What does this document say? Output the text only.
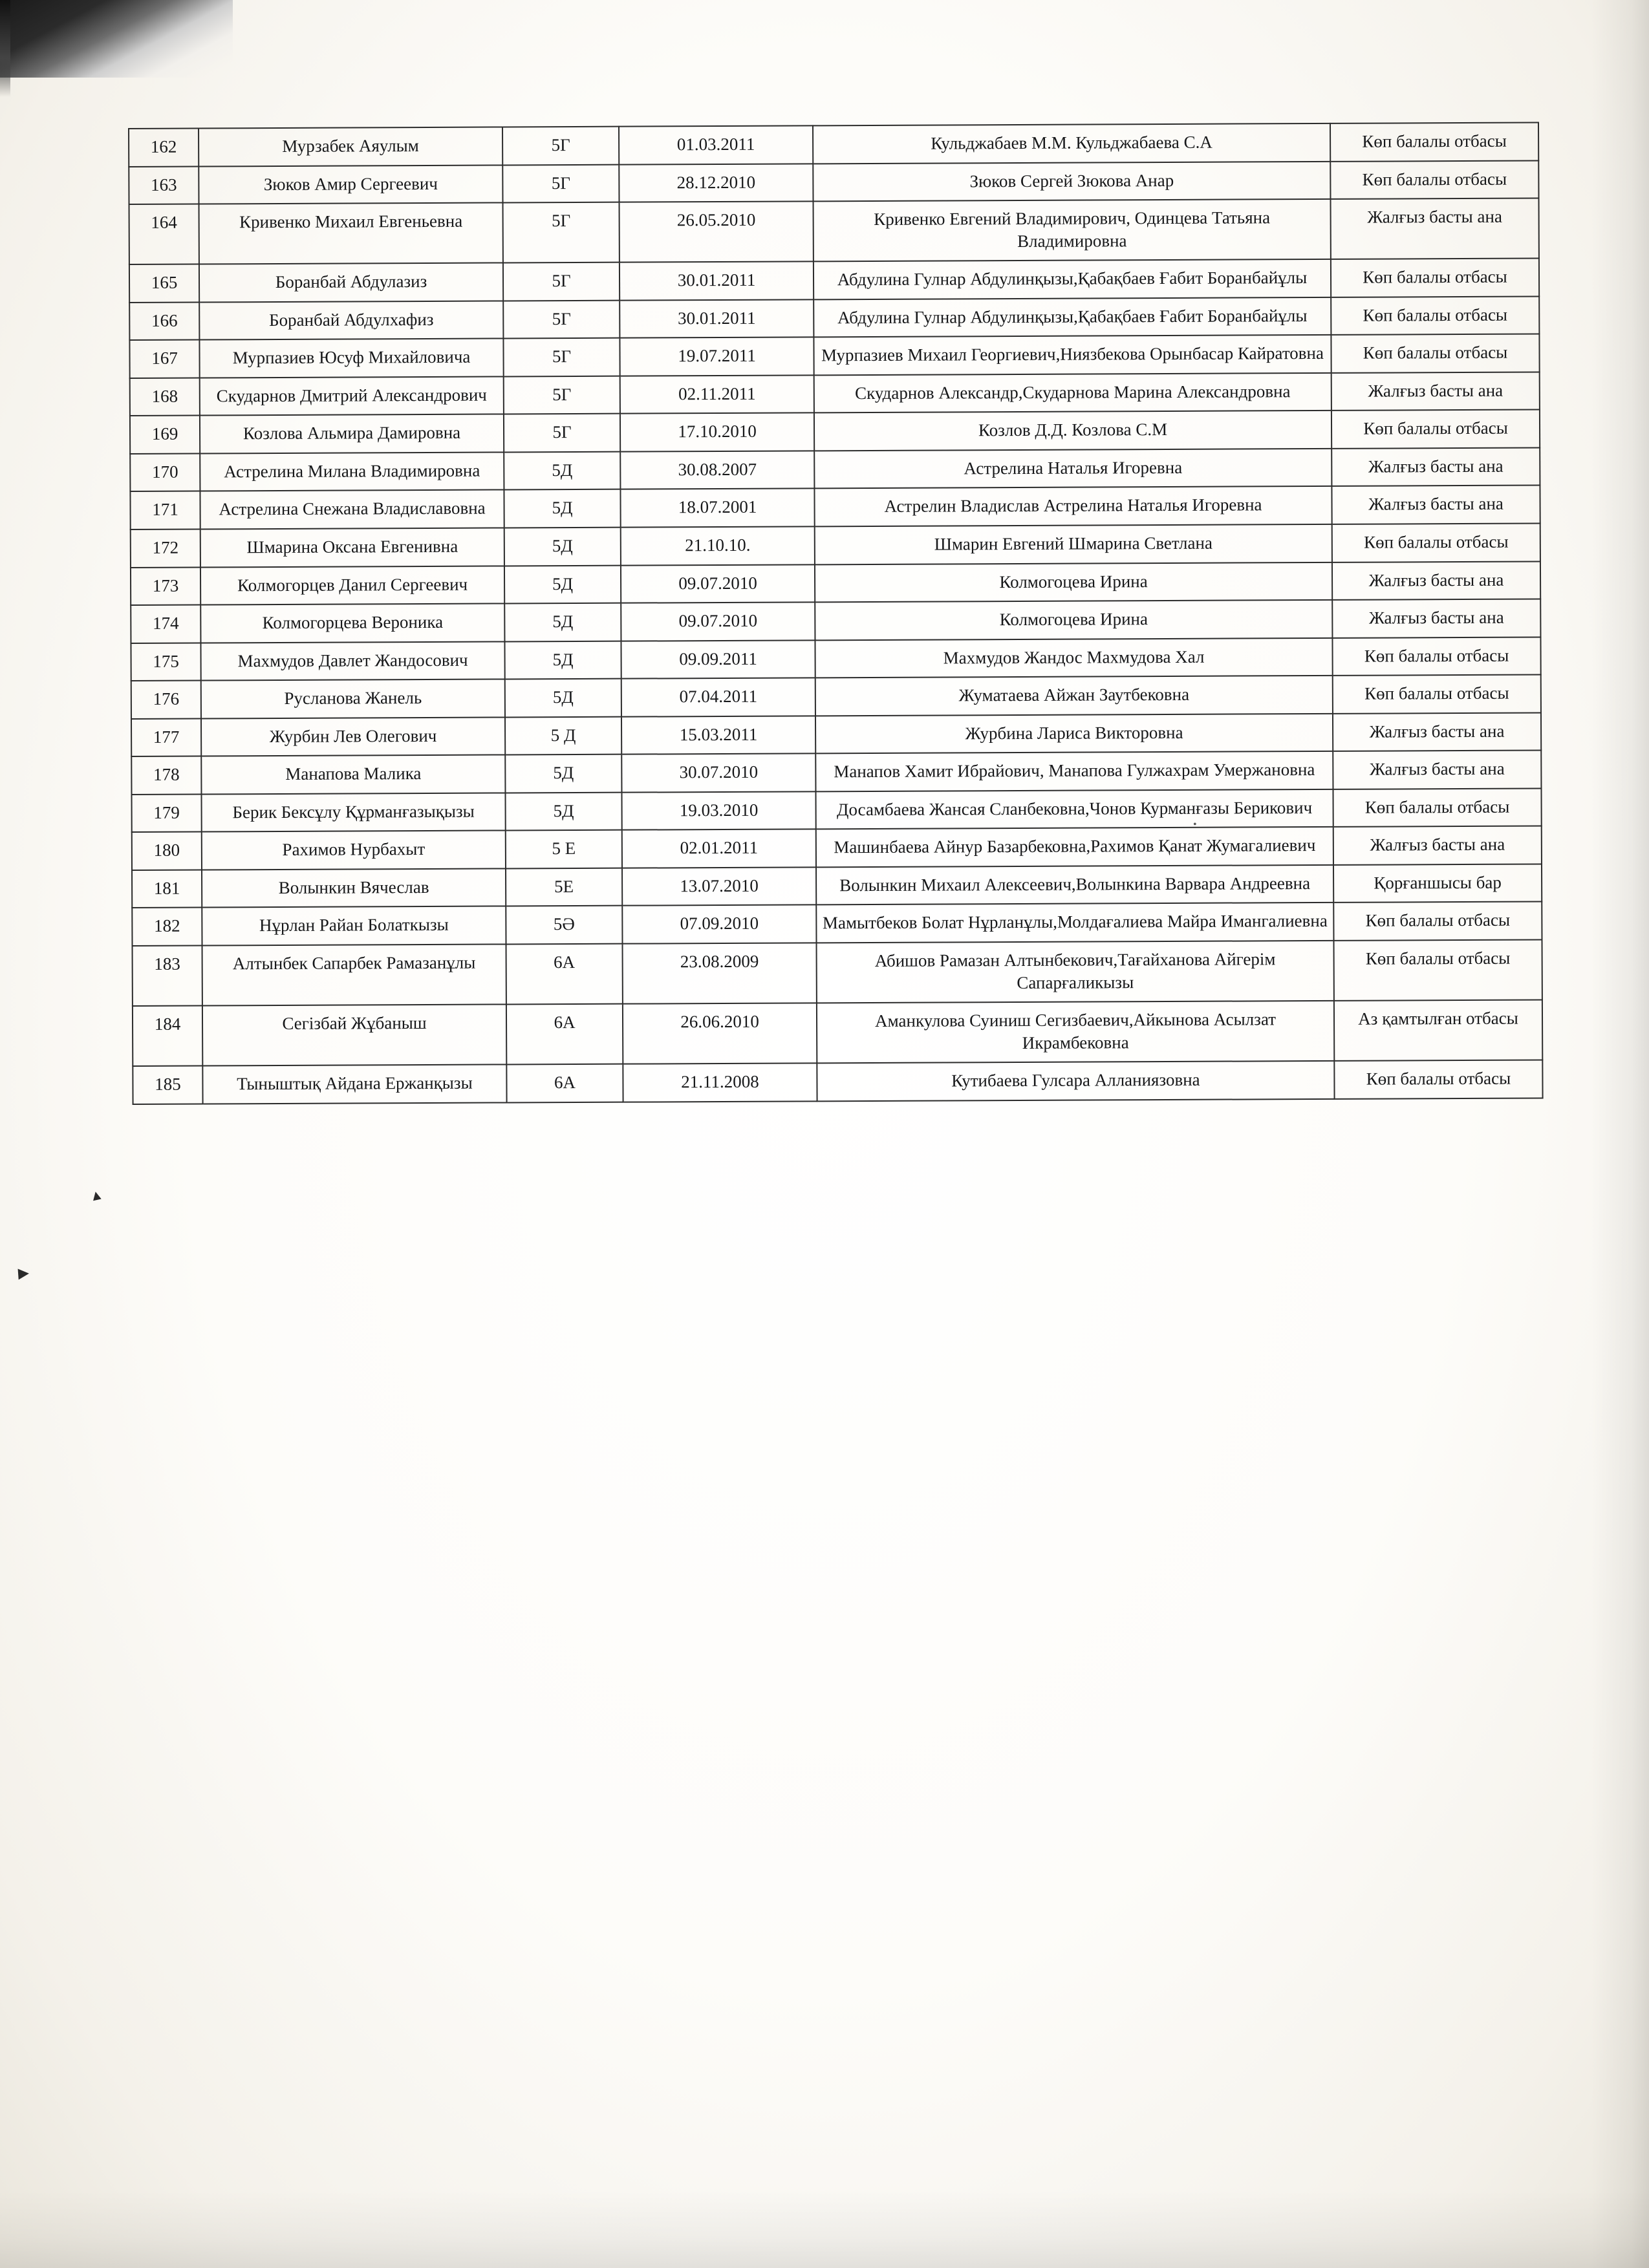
▲
▶
•
162	Мурзабек Аяулым	5Г	01.03.2011	Кульджабаев М.М. Кульджабаева С.А	Көп балалы отбасы
163	Зюков Амир Сергеевич	5Г	28.12.2010	Зюков Сергей Зюкова Анар	Көп балалы отбасы
164	Кривенко Михаил Евгеньевна	5Г	26.05.2010	Кривенко Евгений Владимирович, Одинцева Татьяна Владимировна	Жалғыз басты ана
165	Боранбай Абдулазиз	5Г	30.01.2011	Абдулина Гулнар Абдулинқызы,Қабақбаев Ғабит Боранбайұлы	Көп балалы отбасы
166	Боранбай Абдулхафиз	5Г	30.01.2011	Абдулина Гулнар Абдулинқызы,Қабақбаев Ғабит Боранбайұлы	Көп балалы отбасы
167	Мурпазиев Юсуф Михайловича	5Г	19.07.2011	Мурпазиев Михаил Георгиевич,Ниязбекова Орынбасар Кайратовна	Көп балалы отбасы
168	Скударнов Дмитрий Александрович	5Г	02.11.2011	Скударнов Александр,Скударнова Марина Александровна	Жалғыз басты ана
169	Козлова Альмира Дамировна	5Г	17.10.2010	Козлов Д.Д. Козлова С.М	Көп балалы отбасы
170	Астрелина Милана Владимировна	5Д	30.08.2007	Астрелина Наталья Игоревна	Жалғыз басты ана
171	Астрелина Снежана Владиславовна	5Д	18.07.2001	Астрелин Владислав Астрелина Наталья Игоревна	Жалғыз басты ана
172	Шмарина Оксана Евгенивна	5Д	21.10.10.	Шмарин Евгений Шмарина Светлана	Көп балалы отбасы
173	Колмогорцев Данил Сергеевич	5Д	09.07.2010	Колмогоцева Ирина	Жалғыз басты ана
174	Колмогорцева Вероника	5Д	09.07.2010	Колмогоцева Ирина	Жалғыз басты ана
175	Махмудов Давлет Жандосович	5Д	09.09.2011	Махмудов Жандос Махмудова Хал	Көп балалы отбасы
176	Русланова Жанель	5Д	07.04.2011	Жуматаева Айжан Заутбековна	Көп балалы отбасы
177	Журбин Лев Олегович	5 Д	15.03.2011	Журбина Лариса Викторовна	Жалғыз басты ана
178	Манапова Малика	5Д	30.07.2010	Манапов Хамит Ибрайович, Манапова Гулжахрам Умержановна	Жалғыз басты ана
179	Берик Бексұлу Құрманғазықызы	5Д	19.03.2010	Досамбаева Жансая Сланбековна,Чонов Курманғазы Берикович	Көп балалы отбасы
180	Рахимов Нурбахыт	5 Е	02.01.2011	Машинбаева Айнур Базарбековна,Рахимов Қанат Жумагалиевич	Жалғыз басты ана
181	Волынкин Вячеслав	5Е	13.07.2010	Волынкин Михаил Алексеевич,Волынкина Варвара Андреевна	Қорғаншысы бар
182	Нұрлан Райан Болаткызы	5Ә	07.09.2010	Мамытбеков Болат Нұрланұлы,Молдағалиева Майра Имангалиевна	Көп балалы отбасы
183	Алтынбек Сапарбек Рамазанұлы	6А	23.08.2009	Абишов Рамазан Алтынбекович,Тағайханова Айгерім Сапарғаликызы	Көп балалы отбасы
184	Сегізбай Жұбаныш	6А	26.06.2010	Аманкулова Суиниш Сегизбаевич,Айкынова Асылзат Икрамбековна	Аз қамтылған отбасы
185	Тыныштық Айдана Ержанқызы	6А	21.11.2008	Кутибаева Гулсара Алланиязовна	Көп балалы отбасы
